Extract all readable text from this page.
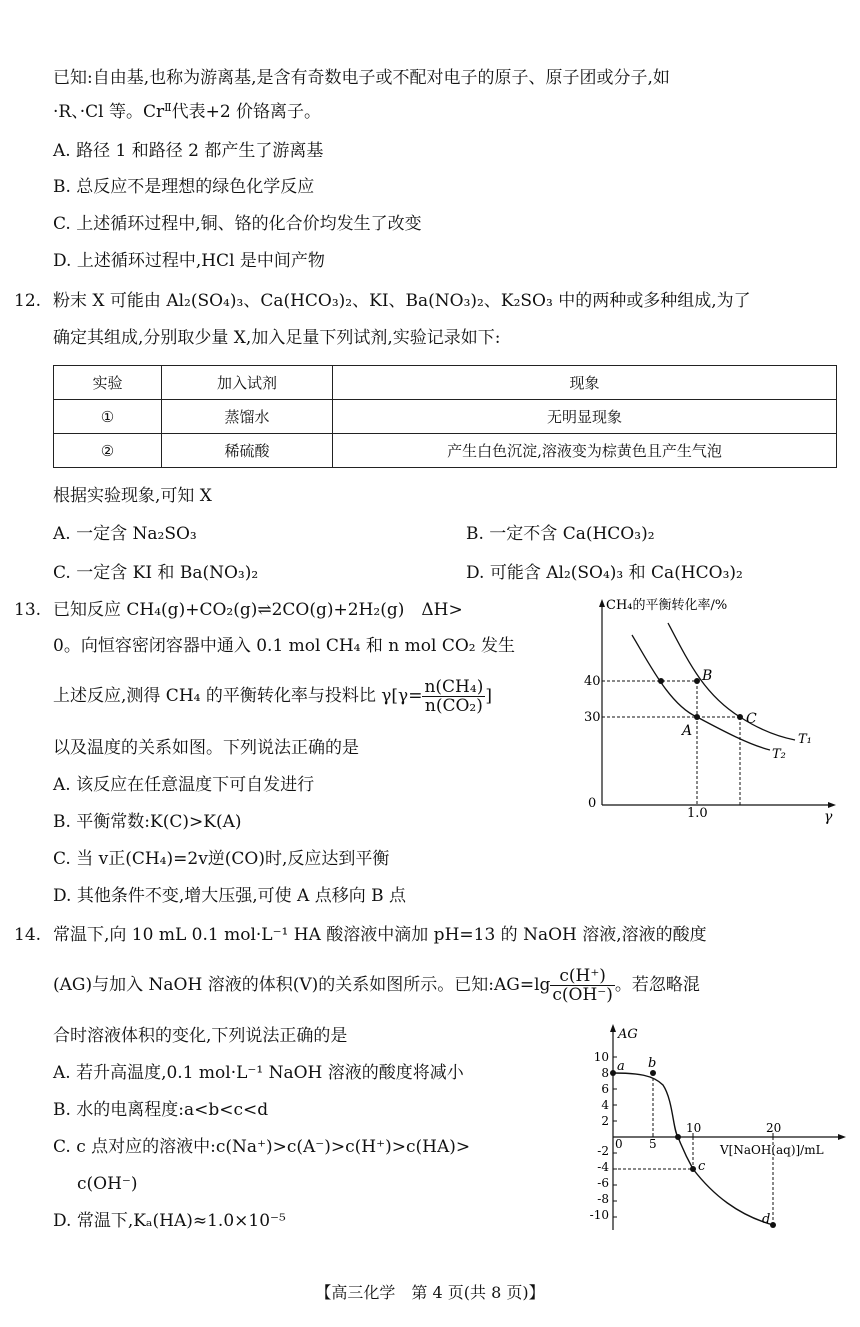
已知:自由基,也称为游离基,是含有奇数电子或不配对电子的原子、原子团或分子,如
·R、·Cl 等。$Cr^Ⅱ$代表+2 价铬离子。
A. 路径 1 和路径 2 都产生了游离基
B. 总反应不是理想的绿色化学反应
C. 上述循环过程中,铜、铬的化合价均发生了改变
D. 上述循环过程中,HCl 是中间产物
12. 粉末 X 可能由 Al₂(SO₄)₃、Ca(HCO₃)₂、KI、Ba(NO₃)₂、K₂SO₃ 中的两种或多种组成,为了
确定其组成,分别取少量 X,加入足量下列试剂,实验记录如下:
实验	加入试剂	现象
①	蒸馏水	无明显现象
②	稀硫酸	产生白色沉淀,溶液变为棕黄色且产生气泡
根据实验现象,可知 X
A. 一定含 Na₂SO₃	B. 一定不含 Ca(HCO₃)₂
C. 一定含 KI 和 Ba(NO₃)₂	D. 可能含 Al₂(SO₄)₃ 和 Ca(HCO₃)₂
13. 已知反应 CH₄(g)+CO₂(g)⇌2CO(g)+2H₂(g)　ΔH>
0。向恒容密闭容器中通入 0.1 mol CH₄ 和 n mol CO₂ 发生
上述反应,测得 CH₄ 的平衡转化率与投料比 $\gamma[\gamma= \frac{\text{n(CH₄)}}{\text{n(CO₂)}}$ ]
以及温度的关系如图。下列说法正确的是
A. 该反应在任意温度下可自发进行
B. 平衡常数:K(C)>K(A)
C. 当 v正(CH₄)=2v逆(CO)时,反应达到平衡
D. 其他条件不变,增大压强,可使 A 点移向 B 点
CH₄的平衡转化率/%
γ
40
30
0
1.0
B
A
C
T₁
T₂
14. 常温下,向 10 mL 0.1 mol·L⁻¹ HA 酸溶液中滴加 pH=13 的 NaOH 溶液,溶液的酸度
(AG)与加入 NaOH 溶液的体积(V)的关系如图所示。已知:AG=lg $\frac{c(H^+)}{c(OH^-)}$ 。若忽略混
合时溶液体积的变化,下列说法正确的是
A. 若升高温度,0.1 mol·L⁻¹ NaOH 溶液的酸度将减小
B. 水的电离程度:a<b<c<d
C. c 点对应的溶液中:c(Na⁺)>c(A⁻)>c(H⁺)>c(HA)>
c(OH⁻)
D. 常温下,Kₐ(HA)≈1.0×10⁻⁵
AG
V[NaOH(aq)]/mL
10
8
6
4
2
-2
-4
-6
-8
-10
0 5
10	20
a b
c
d
【高三化学　第 4 页(共 8 页)】
